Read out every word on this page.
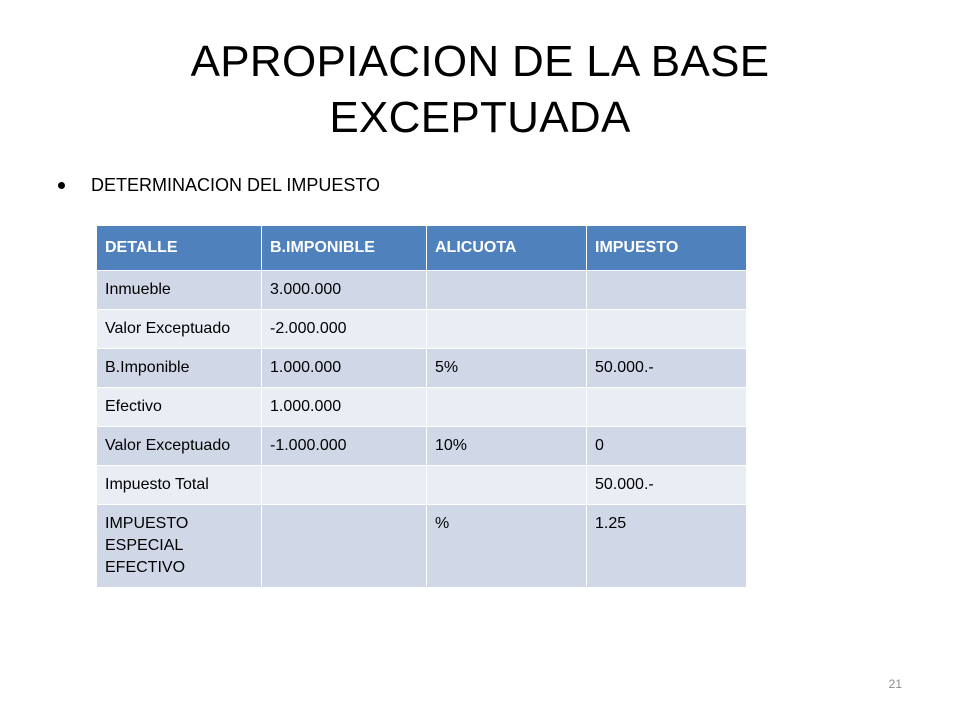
APROPIACION DE LA BASE
EXCEPTUADA
DETERMINACION DEL IMPUESTO
DETALLE	B.IMPONIBLE	ALICUOTA	IMPUESTO
Inmueble	3.000.000		
Valor Exceptuado	-2.000.000		
B.Imponible	1.000.000	5%	50.000.-
Efectivo	1.000.000		
Valor Exceptuado	-1.000.000	10%	0
Impuesto Total			50.000.-
IMPUESTO ESPECIAL EFECTIVO		%	1.25
21
